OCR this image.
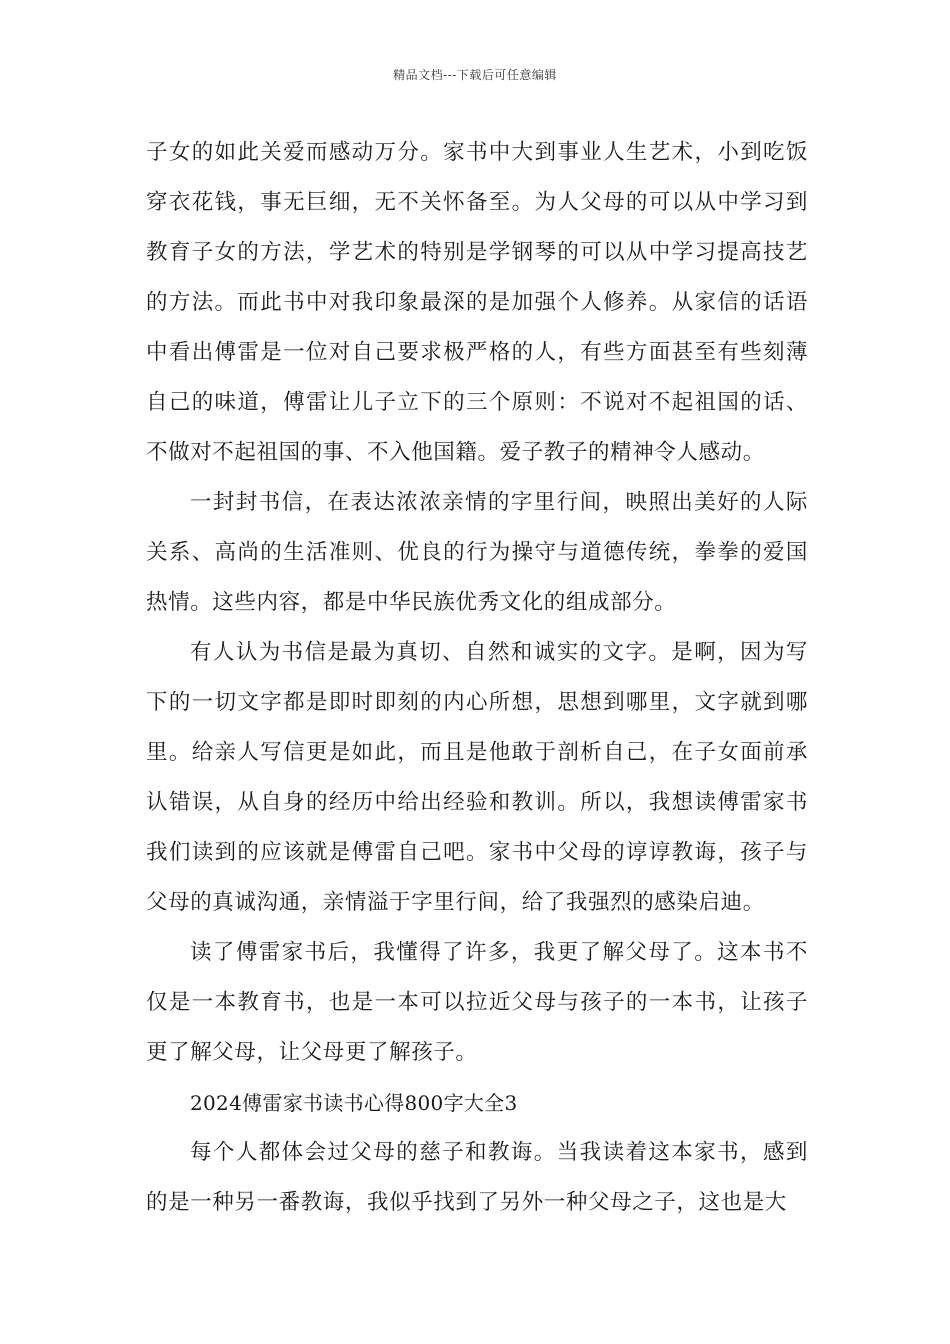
精品文档---下载后可任意编辑

子女的如此关爱而感动万分。家书中大到事业人生艺术，小到吃饭穿衣花钱，事无巨细，无不关怀备至。为人父母的可以从中学习到教育子女的方法，学艺术的特别是学钢琴的可以从中学习提高技艺的方法。而此书中对我印象最深的是加强个人修养。从家信的话语中看出傅雷是一位对自己要求极严格的人，有些方面甚至有些刻薄自己的味道，傅雷让儿子立下的三个原则：不说对不起祖国的话、不做对不起祖国的事、不入他国籍。爱子教子的精神令人感动。

一封封书信，在表达浓浓亲情的字里行间，映照出美好的人际关系、高尚的生活准则、优良的行为操守与道德传统，拳拳的爱国热情。这些内容，都是中华民族优秀文化的组成部分。

有人认为书信是最为真切、自然和诚实的文字。是啊，因为写下的一切文字都是即时即刻的内心所想，思想到哪里，文字就到哪里。给亲人写信更是如此，而且是他敢于剖析自己，在子女面前承认错误，从自身的经历中给出经验和教训。所以，我想读傅雷家书我们读到的应该就是傅雷自己吧。家书中父母的谆谆教诲，孩子与父母的真诚沟通，亲情溢于字里行间，给了我强烈的感染启迪。

读了傅雷家书后，我懂得了许多，我更了解父母了。这本书不仅是一本教育书，也是一本可以拉近父母与孩子的一本书，让孩子更了解父母，让父母更了解孩子。

2024傅雷家书读书心得800字大全3

每个人都体会过父母的慈子和教诲。当我读着这本家书，感到的是一种另一番教诲，我似乎找到了另外一种父母之子，这也是大
